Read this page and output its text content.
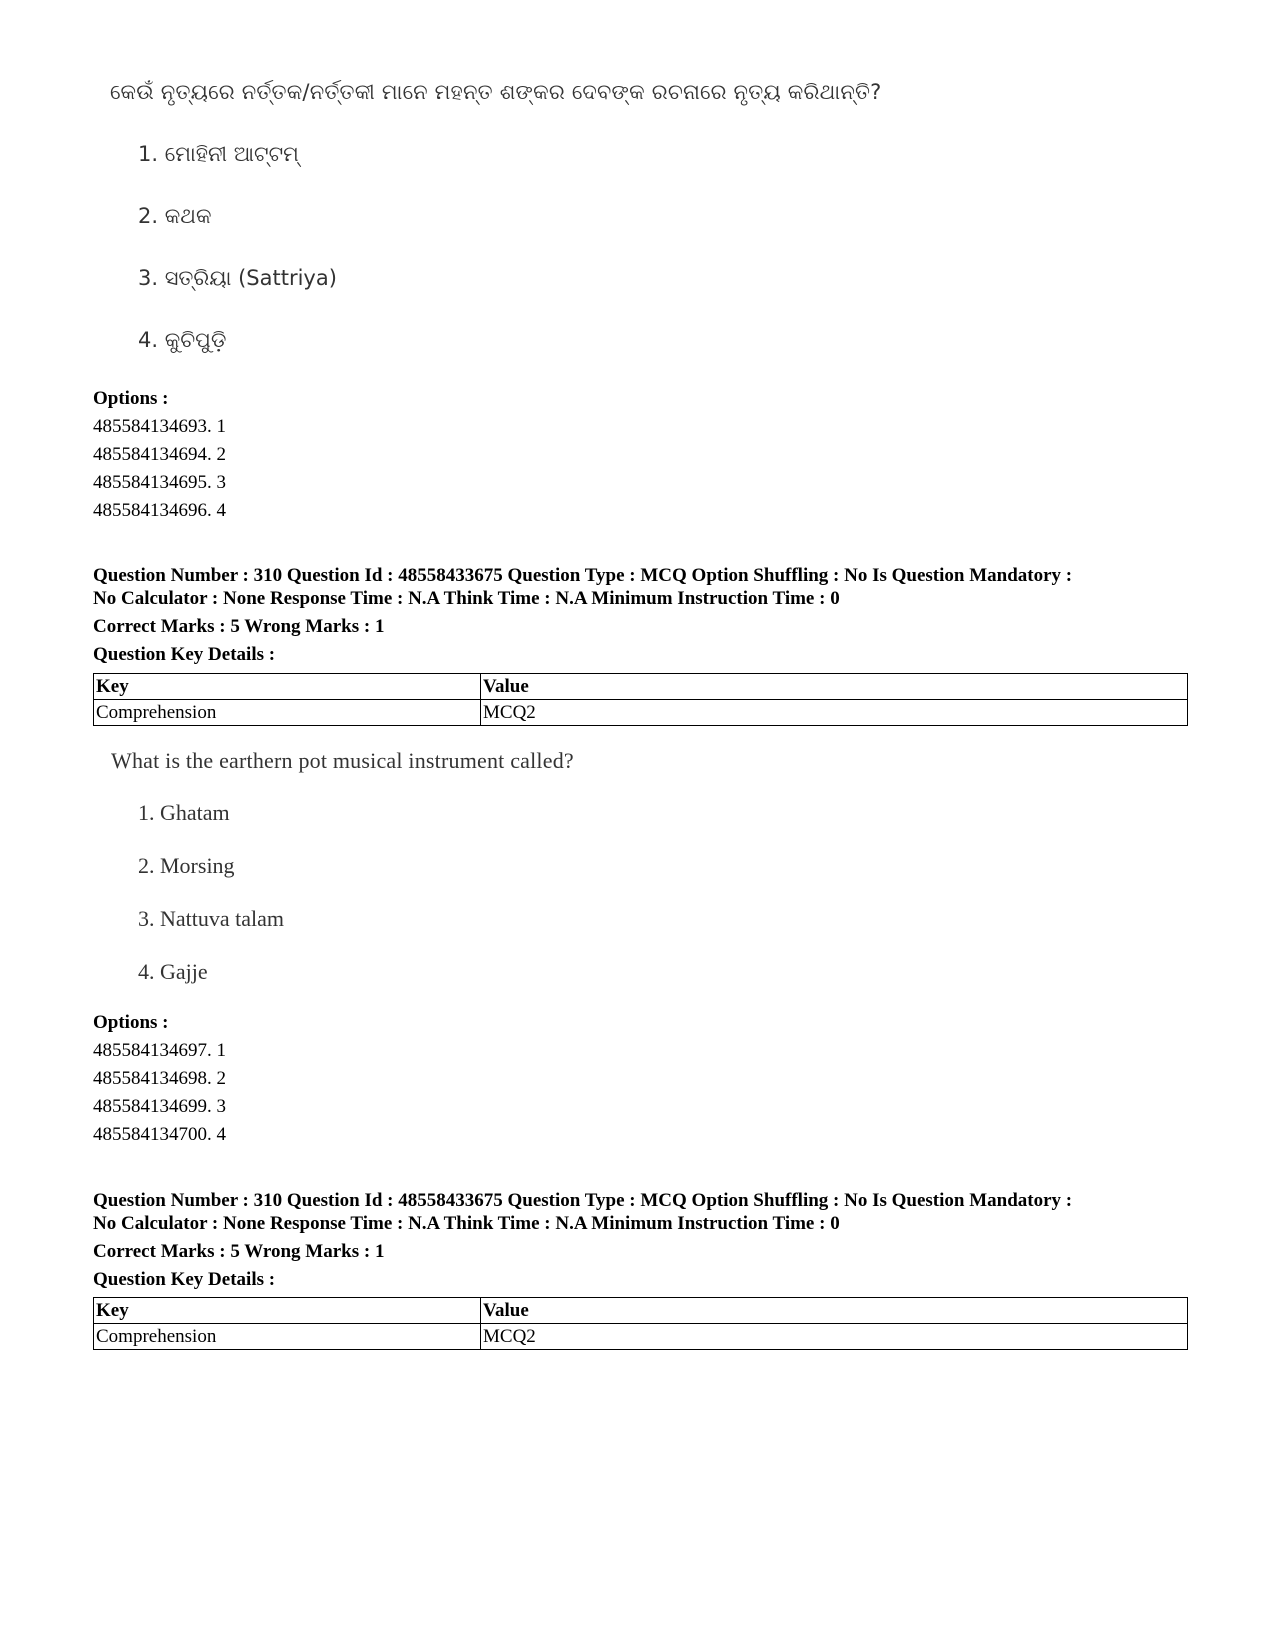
କେଉଁ ନୃତ୍ୟରେ ନର୍ତ୍ତକ/ନର୍ତ୍ତକୀ ମାନେ ମହନ୍ତ ଶଙ୍କର ଦେବଙ୍କ ରଚନାରେ ନୃତ୍ୟ କରିଥାନ୍ତି?
1. ମୋହିନୀ ଆଟ୍ଟମ୍
2. କଥକ
3. ସତ୍ରିୟା (Sattriya)
4. କୁଚିପୁଡ଼ି
Options :
485584134693. 1
485584134694. 2
485584134695. 3
485584134696. 4
Question Number : 310 Question Id : 48558433675 Question Type : MCQ Option Shuffling : No Is Question Mandatory :
No Calculator : None Response Time : N.A Think Time : N.A Minimum Instruction Time : 0
Correct Marks : 5 Wrong Marks : 1
Question Key Details :
Key	Value
Comprehension	MCQ2
What is the earthern pot musical instrument called?
1. Ghatam
2. Morsing
3. Nattuva talam
4. Gajje
Options :
485584134697. 1
485584134698. 2
485584134699. 3
485584134700. 4
Question Number : 310 Question Id : 48558433675 Question Type : MCQ Option Shuffling : No Is Question Mandatory :
No Calculator : None Response Time : N.A Think Time : N.A Minimum Instruction Time : 0
Correct Marks : 5 Wrong Marks : 1
Question Key Details :
Key	Value
Comprehension	MCQ2
